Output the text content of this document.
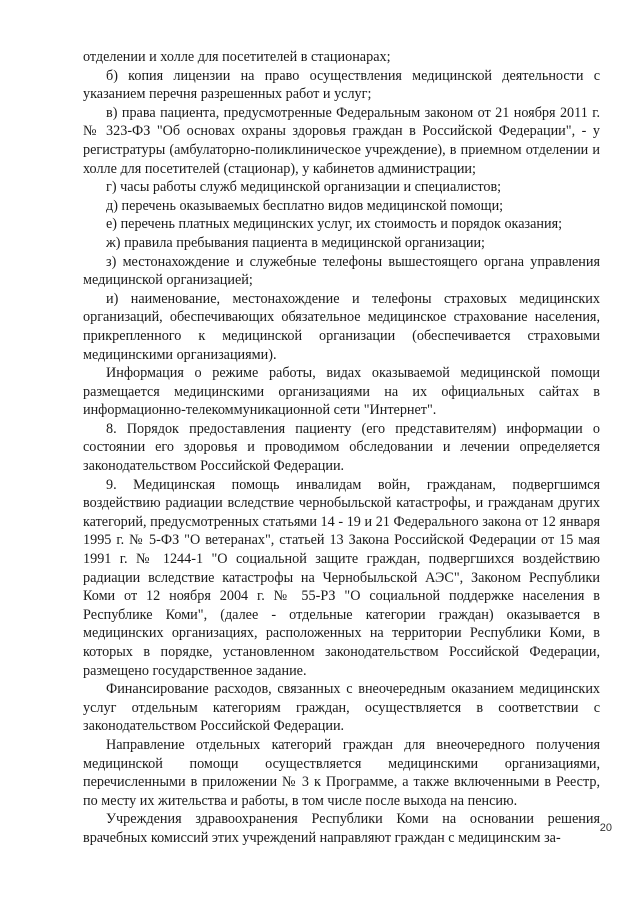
отделении и холле для посетителей в стационарах;

б) копия лицензии на право осуществления медицинской деятельности с указанием перечня разрешенных работ и услуг;

в) права пациента, предусмотренные Федеральным законом от 21 ноября 2011 г. № 323-ФЗ "Об основах охраны здоровья граждан в Российской Федерации", - у регистратуры (амбулаторно-поликлиническое учреждение), в приемном отделении и холле для посетителей (стационар), у кабинетов администрации;

г) часы работы служб медицинской организации и специалистов;

д) перечень оказываемых бесплатно видов медицинской помощи;

е) перечень платных медицинских услуг, их стоимость и порядок оказания;

ж) правила пребывания пациента в медицинской организации;

з) местонахождение и служебные телефоны вышестоящего органа управления медицинской организацией;

и) наименование, местонахождение и телефоны страховых медицинских организаций, обеспечивающих обязательное медицинское страхование населения, прикрепленного к медицинской организации (обеспечивается страховыми медицинскими организациями).

Информация о режиме работы, видах оказываемой медицинской помощи размещается медицинскими организациями на их официальных сайтах в информационно-телекоммуникационной сети "Интернет".

8. Порядок предоставления пациенту (его представителям) информации о состоянии его здоровья и проводимом обследовании и лечении определяется законодательством Российской Федерации.

9. Медицинская помощь инвалидам войн, гражданам, подвергшимся воздействию радиации вследствие чернобыльской катастрофы, и гражданам других категорий, предусмотренных статьями 14 - 19 и 21 Федерального закона от 12 января 1995 г. № 5-ФЗ "О ветеранах", статьей 13 Закона Российской Федерации от 15 мая 1991 г. № 1244-1 "О социальной защите граждан, подвергшихся воздействию радиации вследствие катастрофы на Чернобыльской АЭС", Законом Республики Коми от 12 ноября 2004 г. № 55-РЗ "О социальной поддержке населения в Республике Коми", (далее - отдельные категории граждан) оказывается в медицинских организациях, расположенных на территории Республики Коми, в которых в порядке, установленном законодательством Российской Федерации, размещено государственное задание.

Финансирование расходов, связанных с внеочередным оказанием медицинских услуг отдельным категориям граждан, осуществляется в соответствии с законодательством Российской Федерации.

Направление отдельных категорий граждан для внеочередного получения медицинской помощи осуществляется медицинскими организациями, перечисленными в приложении № 3 к Программе, а также включенными в Реестр, по месту их жительства и работы, в том числе после выхода на пенсию.

Учреждения здравоохранения Республики Коми на основании решения врачебных комиссий этих учреждений направляют граждан с медицинским за-

20
